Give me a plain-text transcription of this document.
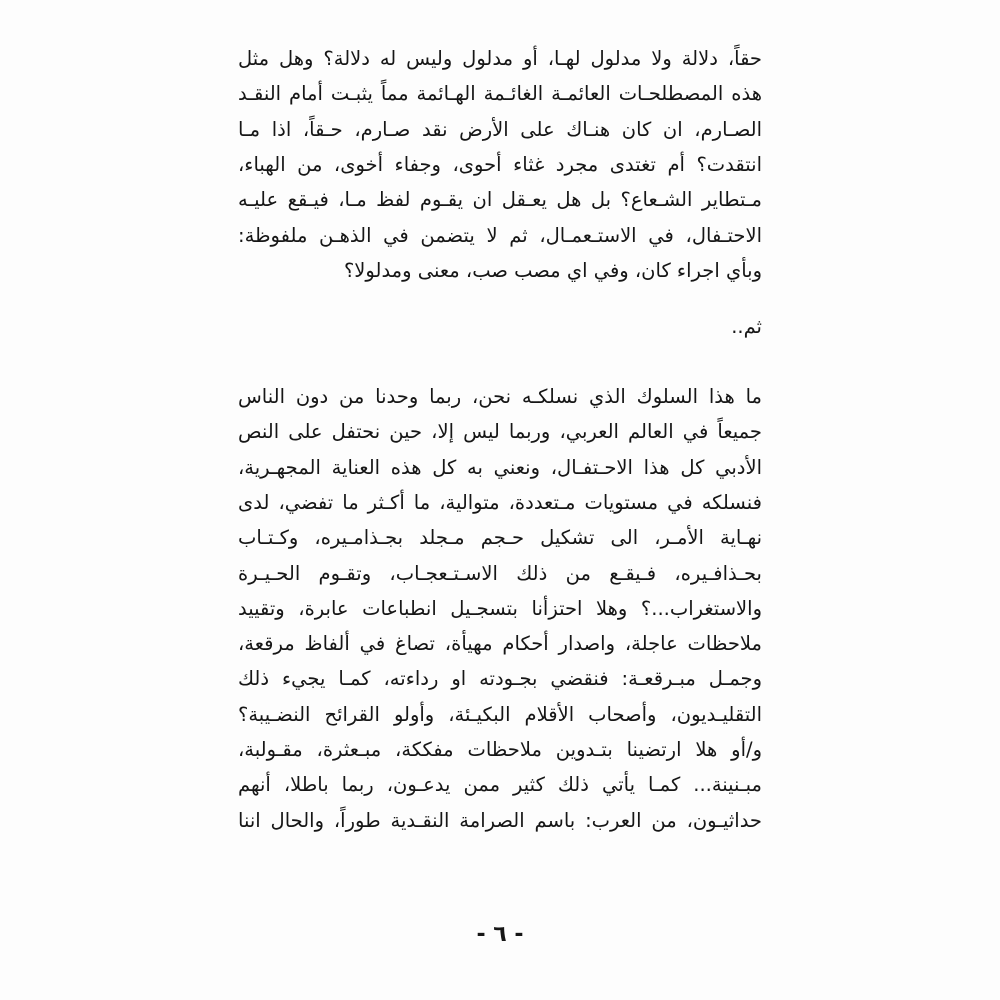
حقاً، دلالة ولا مدلول لهـا، أو مدلول وليس له دلالة؟ وهل مثل
هذه المصطلحـات العائمـة الغائـمة الهـائمة مماً يثبـت أمام النقـد
الصـارم، ان كان هنـاك على الأرض نقد صـارم، حـقاً، اذا مـا
انتقدت؟ أم تغتدى مجرد غثاء أحوى، وجفاء أخوى، من الهباء،
مـتطاير الشـعاع؟ بل هل يعـقل ان يقـوم لفظ مـا، فيـقع عليـه
الاحتـفال، في الاستـعمـال، ثم لا يتضمن في الذهـن ملفوظة:
وبأي اجراء كان، وفي اي مصب صب، معنى ومدلولا؟
ثم..
ما هذا السلوك الذي نسلكـه نحن، ربما وحدنا من دون الناس
جميعاً في العالم العربي، وربما ليس إلا، حين نحتفل على النص
الأدبي كل هذا الاحـتفـال، ونعني به كل هذه العناية المجهـرية،
فنسلكه في مستويات مـتعددة، متوالية، ما أكـثر ما تفضي، لدى
نهـاية الأمـر، الى تشكيل حـجم مـجلد بجـذامـيره، وكـتـاب
بحـذافـيره، فـيقـع من ذلك الاسـتـعجـاب، وتقـوم الحـيـرة
والاستغراب...؟ وهلا احتزأنا بتسجـيل انطباعات عابرة، وتقييد
ملاحظات عاجلة، واصدار أحكام مهيأة، تصاغ في ألفاظ مرقعة،
وجمـل مبـرقعـة: فنقضي بجـودته او رداءته، كمـا يجيء ذلك
التقليـديون، وأصحاب الأقلام البكيـئة، وأولو القرائح النضـيبة؟
و/أو هلا ارتضينا بتـدوين ملاحظات مفككة، مبـعثرة، مقـولبة،
مبـنينة... كمـا يأتي ذلك كثير ممن يدعـون، ربما باطلا، أنهم
حداثيـون، من العرب: باسم الصرامة النقـدية طوراً، والحال اننا
- ٦ -
